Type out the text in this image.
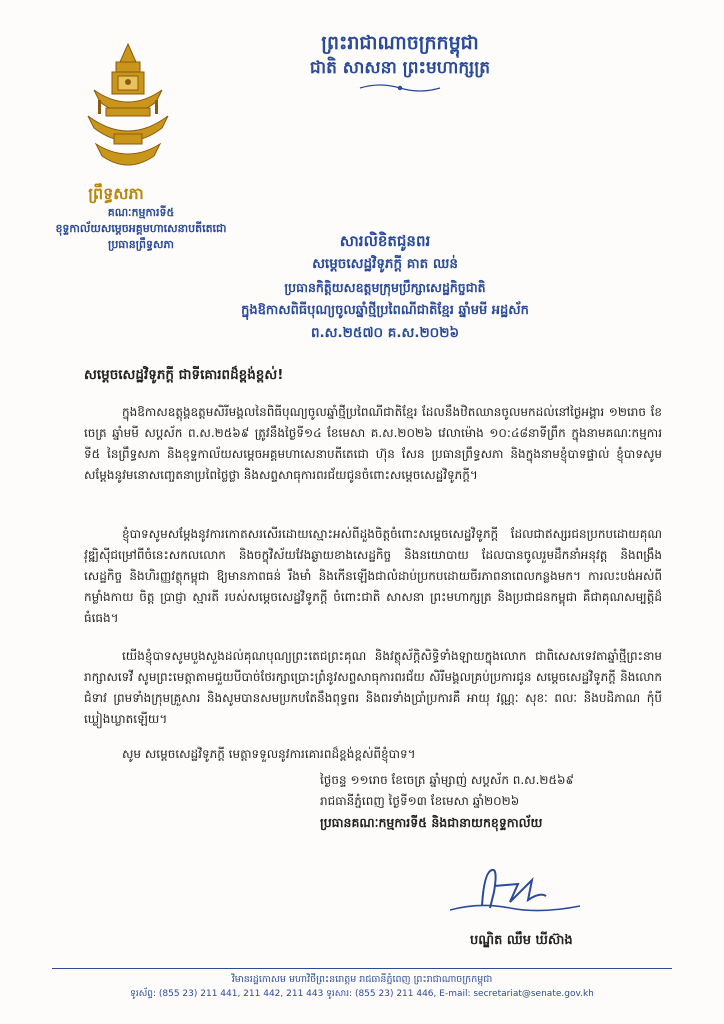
ព្រះរាជាណាចក្រកម្ពុជា
ជាតិ សាសនា ព្រះមហាក្សត្រ
ព្រឹទ្ធសភា
គណៈកម្មការទី៥
ខុទ្ទកាល័យសម្តេចអគ្គមហាសេនាបតីតេជោ
ប្រធានព្រឹទ្ធសភា	សារលិខិតជូនពរ
សម្តេចសេដ្ឋវិទូភក្តី គាត ឈន់
ប្រធានកិត្តិយសឧត្តមក្រុមប្រឹក្សាសេដ្ឋកិច្ចជាតិ
ក្នុងឱកាសពិធីបុណ្យចូលឆ្នាំថ្មីប្រពៃណីជាតិខ្មែរ ឆ្នាំមមី អដ្ឋស័ក
ព.ស.២៥៧០ គ.ស.២០២៦
សម្តេចសេដ្ឋវិទូភក្តី ជាទីគោរពដ៏ខ្ពង់ខ្ពស់!
ក្នុងឱកាសឧត្តុង្គឧត្តមសិរីមង្គលនៃពិធីបុណ្យចូលឆ្នាំថ្មីប្រពៃណីជាតិខ្មែរ ដែលនឹងឋិតឈានចូលមកដល់នៅថ្ងៃអង្គារ ១២រោច ខែចេត្រ ឆ្នាំមមី សប្តស័ក ព.ស.២៥៦៩ ត្រូវនឹងថ្ងៃទី១៤ ខែមេសា គ.ស.២០២៦ វេលាម៉ោង ១០:៤៨នាទីព្រឹក ក្នុងនាមគណៈកម្មការទី៥ នៃព្រឹទ្ធសភា និងខុទ្ទកាល័យសម្តេចអគ្គមហាសេនាបតីតេជោ ហ៊ុន សែន ប្រធានព្រឹទ្ធសភា និងក្នុងនាមខ្ញុំបាទផ្ទាល់ ខ្ញុំបាទសូមសម្តែងនូវមនោសញ្ចេតនាប្រពៃថ្លៃថ្លា និងសព្ទសាធុការពរជ័យជូនចំពោះសម្តេចសេដ្ឋវិទូភក្តី។
ខ្ញុំបាទសូមសម្តែងនូវការកោតសរសើរដោយស្មោះអស់ពីដួងចិត្តចំពោះសម្តេចសេដ្ឋវិទូភក្តី ដែលជាឥស្សរជនប្រកបដោយគុណវុឌ្ឍិស៊ីជម្រៅពីចំនេះសកលលោក និងចក្ខុវិស័យវែងឆ្ងាយខាងសេដ្ឋកិច្ច និងនយោបាយ ដែលបានចូលរួមដឹកនាំអនុវត្ត និងពង្រឹងសេដ្ឋកិច្ច និងហិរញ្ញវត្ថុកម្ពុជា ឱ្យមានភាពធន់ រឹងមាំ និងកើនឡើងជាលំដាប់ប្រកបដោយចីរភាពនាពេលកន្លងមក។ ការលះបង់អស់ពីកម្លាំងកាយ ចិត្ត ប្រាជ្ញា ស្មារតី របស់សម្តេចសេដ្ឋវិទូភក្តី ចំពោះជាតិ សាសនា ព្រះមហាក្សត្រ និងប្រជាជនកម្ពុជា គឺជាគុណសម្បត្តិដ៏ធំធេង។
យើងខ្ញុំបាទសូមបួងសួងដល់គុណបុណ្យព្រះតេជព្រះគុណ និងវត្ថុស័ក្តិសិទ្ធិទាំងឡាយក្នុងលោក ជាពិសេសទេវតាឆ្នាំថ្មីព្រះនាម រាក្សាសទេវី សូមព្រះមេត្តាតាមជួយបីបាច់ថែរក្សាប្រោះព្រំនូវសព្ទសាធុការពរជ័យ សិរីមង្គលគ្រប់ប្រការជូន សម្តេចសេដ្ឋវិទូភក្តី និងលោកជំទាវ ព្រមទាំងក្រុមគ្រួសារ និងសូមបានសមប្រកបតែនឹងពុទ្ធពរ និងពរទាំងប្រាំប្រការគឺ អាយុ វណ្ណៈ សុខៈ ពលៈ និងបដិភាណ កុំបីឃ្លៀងឃ្លាតឡើយ។
សូម សម្តេចសេដ្ឋវិទូភក្តី មេត្តាទទួលនូវការគោរពដ៏ខ្ពង់ខ្ពស់ពីខ្ញុំបាទ។
ថ្ងៃចន្ទ ១១រោច ខែចេត្រ ឆ្នាំម្សាញ់ សប្តស័ក ព.ស.២៥៦៩
រាជធានីភ្នំពេញ ថ្ងៃទី១៣ ខែមេសា ឆ្នាំ២០២៦
ប្រធានគណៈកម្មការទី៥ និងជានាយកខុទ្ទកាល័យ
បណ្ឌិត ឈឹម ឃីស៊ាង
វិមានរដ្ឋកោសម មហាវិថីព្រះនរោត្តម រាជធានីភ្នំពេញ ព្រះរាជាណាចក្រកម្ពុជា
ទូរស័ព្ទ: (855 23) 211 441, 211 442, 211 443 ទូរសារ: (855 23) 211 446, E-mail: secretariat@senate.gov.kh
